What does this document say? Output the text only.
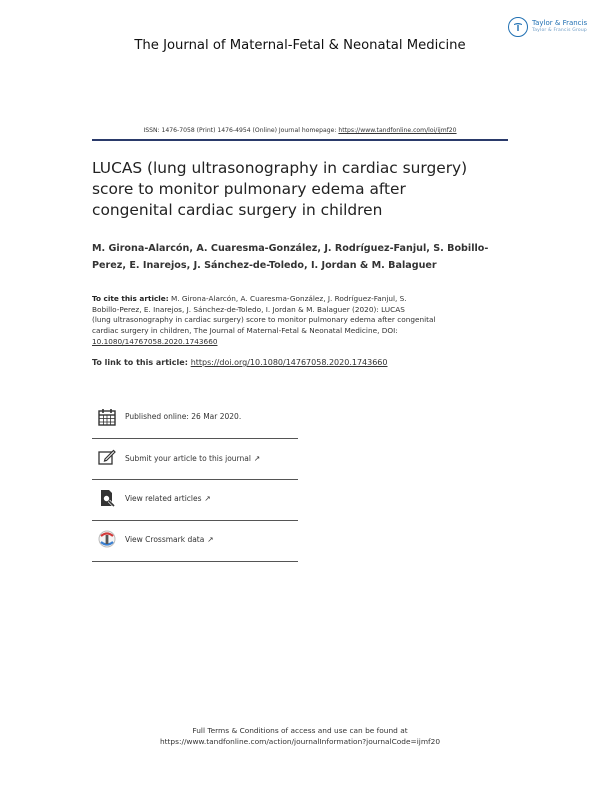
Taylor & Francis
Taylor & Francis Group
The Journal of Maternal-Fetal & Neonatal Medicine
ISSN: 1476-7058 (Print) 1476-4954 (Online) Journal homepage: https://www.tandfonline.com/loi/ijmf20
LUCAS (lung ultrasonography in cardiac surgery)
score to monitor pulmonary edema after
congenital cardiac surgery in children
M. Girona-Alarcón, A. Cuaresma-González, J. Rodríguez-Fanjul, S. Bobillo-
Perez, E. Inarejos, J. Sánchez-de-Toledo, I. Jordan & M. Balaguer
To cite this article: M. Girona-Alarcón, A. Cuaresma-González, J. Rodríguez-Fanjul, S.
Bobillo-Perez, E. Inarejos, J. Sánchez-de-Toledo, I. Jordan & M. Balaguer (2020): LUCAS
(lung ultrasonography in cardiac surgery) score to monitor pulmonary edema after congenital
cardiac surgery in children, The Journal of Maternal-Fetal & Neonatal Medicine, DOI:
10.1080/14767058.2020.1743660
To link to this article: https://doi.org/10.1080/14767058.2020.1743660
Published online: 26 Mar 2020.
Submit your article to this journal ↗
View related articles ↗
View Crossmark data ↗
Full Terms & Conditions of access and use can be found at
https://www.tandfonline.com/action/journalInformation?journalCode=ijmf20
